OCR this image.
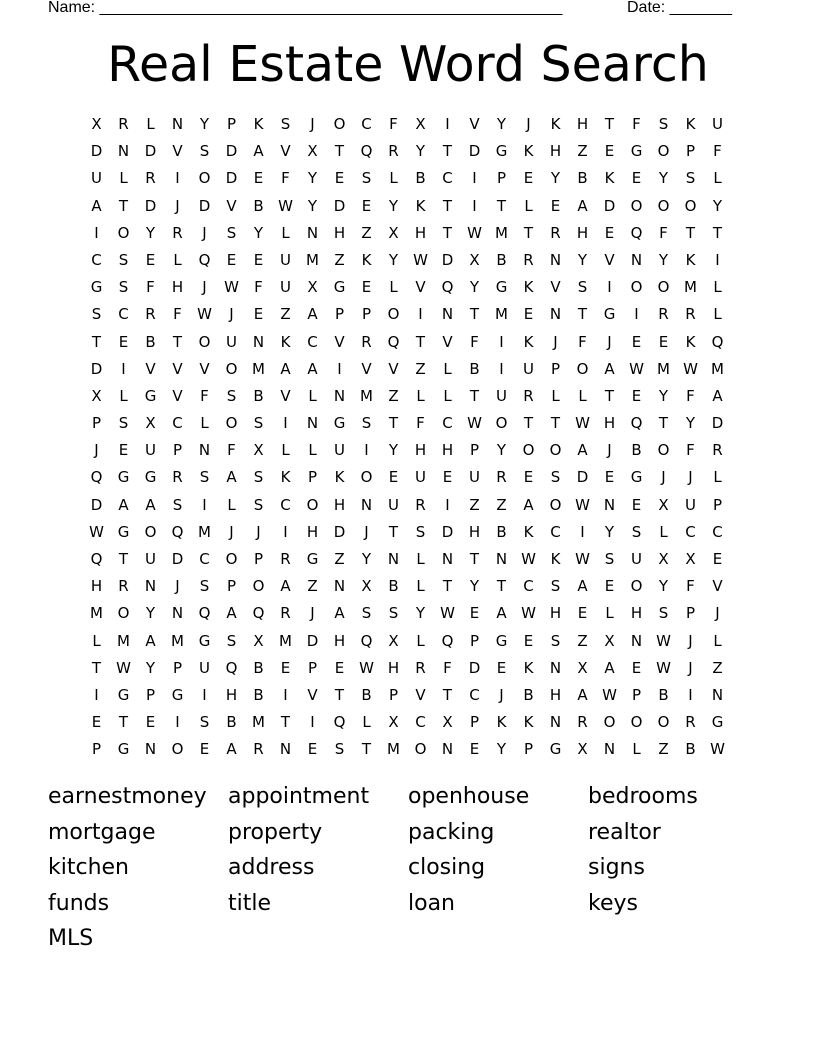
Name: ____________________________________________________	Date: _______
Real Estate Word Search
X	R	L	N	Y	P	K	S	J	O	C	F	X	I	V	Y	J	K	H	T	F	S	K	U
D	N	D	V	S	D	A	V	X	T	Q	R	Y	T	D	G	K	H	Z	E	G	O	P	F
U	L	R	I	O	D	E	F	Y	E	S	L	B	C	I	P	E	Y	B	K	E	Y	S	L
A	T	D	J	D	V	B W Y	D	E	Y	K	T	I	T	L	E	A	D	O	O	O	Y
I	O	Y	R	J	S	Y	L	N	H	Z	X	H	T	W M	T	R	H	E	Q	F	T	T
C	S	E	L	Q	E	E	U	M	Z	K	Y	W D	X	B	R	N	Y	V	N	Y	K	I
G	S	F	H	J	W	F	U	X	G	E	L	V	Q	Y	G	K	V	S	I	O	O M	L
S	C	R	F	W	J	E	Z	A	P	P	O	I	N	T	M	E	N	T	G	I	R	R	L
T	E	B	T	O	U	N	K	C	V	R	Q	T	V	F	I	K	J	F	J	E	E	K	Q
D	I	V	V	V	O M	A	A	I	V	V	Z	L	B	I	U	P	O	A W M W M
X	L	G	V	F	S	B	V	L	N M	Z	L	L	T	U	R	L	L	T	E	Y	F	A
P	S	X	C	L	O	S	I	N	G	S	T	F	C W O	T	T	W H	Q	T	Y	D
J	E	U	P	N	F	X	L	L	U	I	Y	H	H	P	Y	O	O	A	J	B	O	F	R
Q	G	G	R	S	A	S	K	P	K	O	E	U	E	U	R	E	S	D	E	G	J	J	L
D	A	A	S	I	L	S	C	O	H	N	U	R	I	Z	Z	A	O W N	E	X	U	P
W G	O	Q M	J	J	I	H	D	J	T	S	D	H	B	K	C	I	Y	S	L	C	C
Q	T	U	D	C	O	P	R	G	Z	Y	N	L	N	T	N W K W S	U	X	X	E
H	R	N	J	S	P	O	A	Z	N	X	B	L	T	Y	T	C	S	A	E	O	Y	F	V
M O	Y	N	Q	A	Q	R	J	A	S	S	Y	W E	A W H	E	L	H	S	P	J
L	M	A	M G	S	X	M D	H	Q	X	L	Q	P	G	E	S	Z	X	N W	J	L
T	W Y	P	U	Q	B	E	P	E W H	R	F	D	E	K	N	X	A	E W	J	Z
I	G	P	G	I	H	B	I	V	T	B	P	V	T	C	J	B	H	A W	P	B	I	N
E	T	E	I	S	B	M	T	I	Q	L	X	C	X	P	K	K	N	R	O	O	O	R	G
P	G	N	O	E	A	R	N	E	S	T	M O	N	E	Y	P	G	X	N	L	Z	B W
earnestmoney appointment	openhouse	bedrooms
mortgage	property	packing	realtor
kitchen	address	closing	signs
funds	title	loan	keys
MLS
